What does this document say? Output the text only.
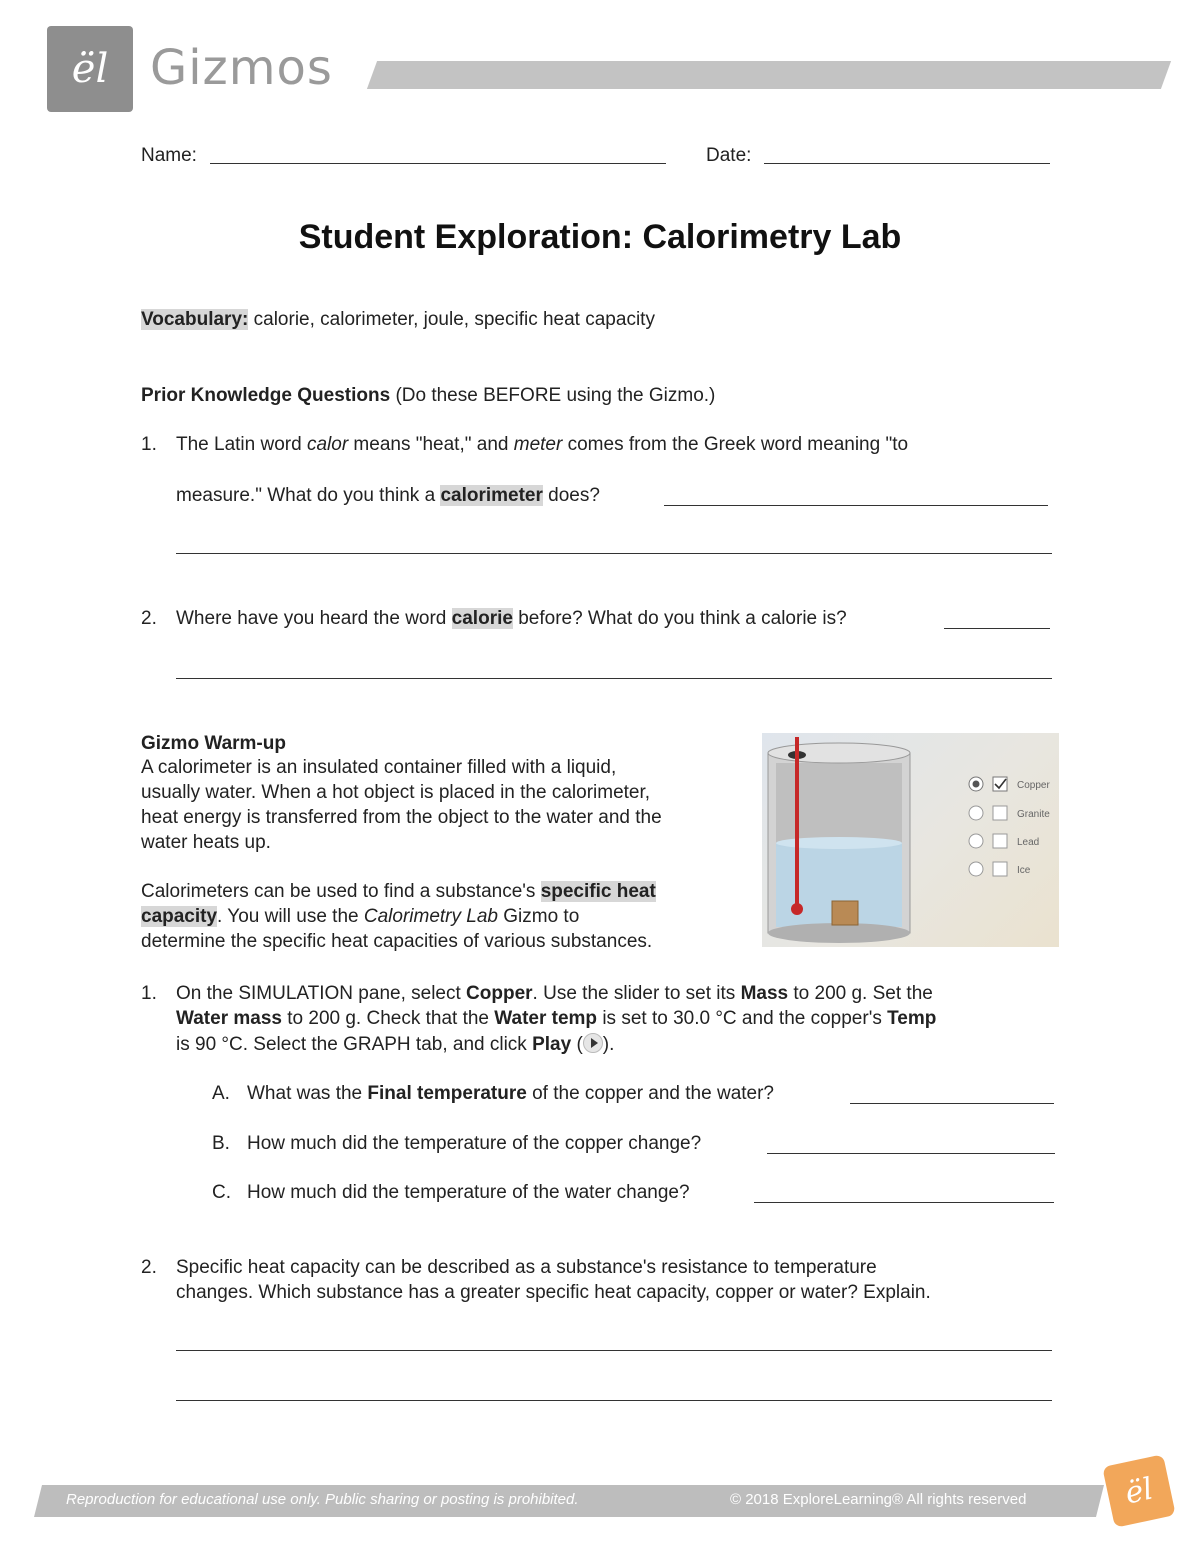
ël Gizmos
Name:	Date:
Student Exploration: Calorimetry Lab
Vocabulary: calorie, calorimeter, joule, specific heat capacity
Prior Knowledge Questions (Do these BEFORE using the Gizmo.)
1.	The Latin word calor means "heat," and meter comes from the Greek word meaning "to
measure." What do you think a calorimeter does?
2.	Where have you heard the word calorie before? What do you think a calorie is?
Gizmo Warm-up
A calorimeter is an insulated container filled with a liquid,
usually water. When a hot object is placed in the calorimeter,
heat energy is transferred from the object to the water and the
water heats up.
Calorimeters can be used to find a substance's specific heat
capacity. You will use the Calorimetry Lab Gizmo to
determine the specific heat capacities of various substances.
Copper
Granite
Lead
Ice
1.	On the SIMULATION pane, select Copper. Use the slider to set its Mass to 200 g. Set the
Water mass to 200 g. Check that the Water temp is set to 30.0 °C and the copper's Temp
is 90 °C. Select the GRAPH tab, and click Play ( ).
A. What was the Final temperature of the copper and the water?
B. How much did the temperature of the copper change?
C. How much did the temperature of the water change?
2.	Specific heat capacity can be described as a substance's resistance to temperature
changes. Which substance has a greater specific heat capacity, copper or water? Explain.
Reproduction for educational use only. Public sharing or posting is prohibited.	© 2018 ExploreLearning® All rights reserved	ël
